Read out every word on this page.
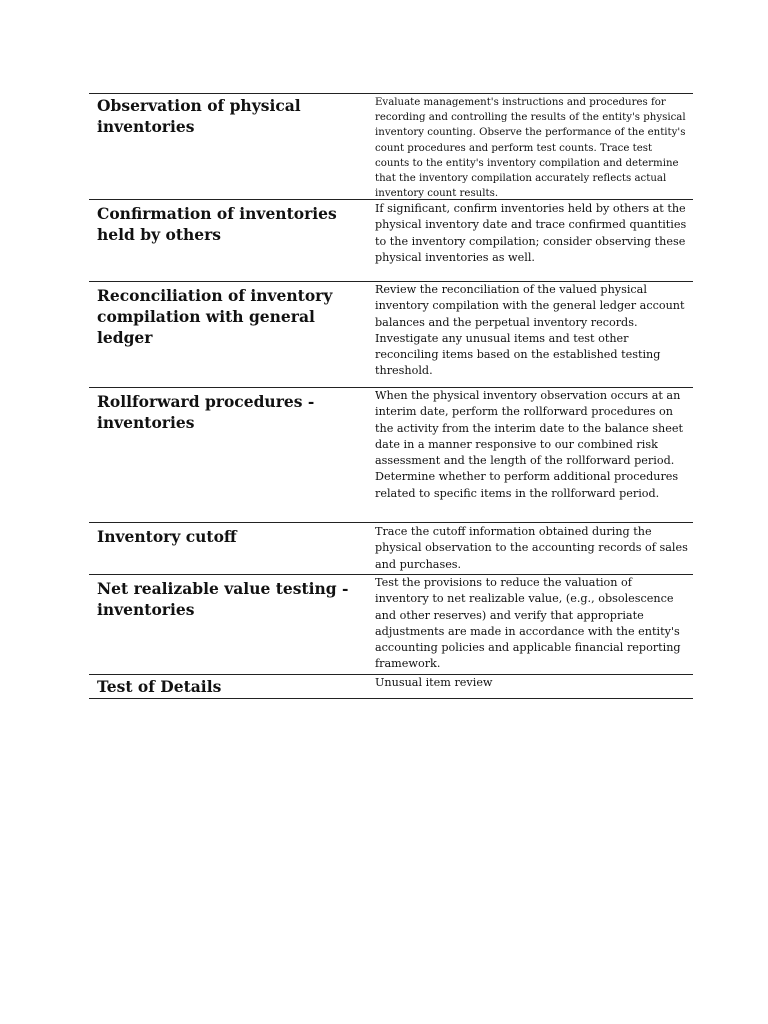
Observation of physical inventories
Evaluate management's instructions and procedures for recording and controlling the results of the entity's physical inventory counting. Observe the performance of the entity's count procedures and perform test counts. Trace test counts to the entity's inventory compilation and determine that the inventory compilation accurately reflects actual inventory count results.
Confirmation of inventories held by others
If significant, confirm inventories held by others at the physical inventory date and trace confirmed quantities to the inventory compilation; consider observing these physical inventories as well.
Reconciliation of inventory compilation with general ledger
Review the reconciliation of the valued physical inventory compilation with the general ledger account balances and the perpetual inventory records. Investigate any unusual items and test other reconciling items based on the established testing threshold.
Rollforward procedures - inventories
When the physical inventory observation occurs at an interim date, perform the rollforward procedures on the activity from the interim date to the balance sheet date in a manner responsive to our combined risk assessment and the length of the rollforward period. Determine whether to perform additional procedures related to specific items in the rollforward period.
Inventory cutoff	Trace the cutoff information obtained during the physical observation to the accounting records of sales and purchases.
Net realizable value testing - inventories
Test the provisions to reduce the valuation of inventory to net realizable value, (e.g., obsolescence and other reserves) and verify that appropriate adjustments are made in accordance with the entity's accounting policies and applicable financial reporting framework.
Test of Details	Unusual item review
